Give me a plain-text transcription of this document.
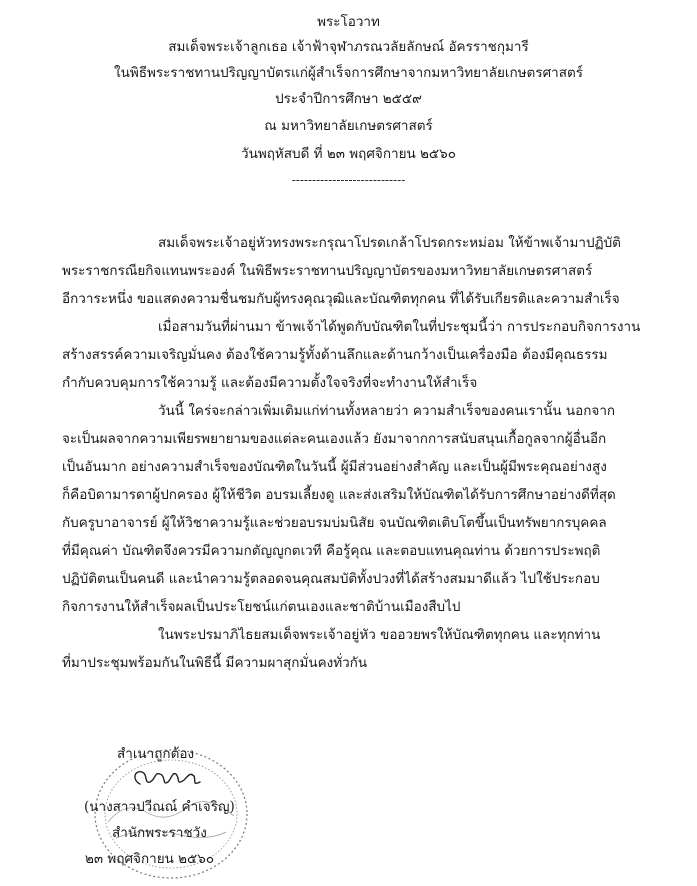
พระโอวาท
สมเด็จพระเจ้าลูกเธอ เจ้าฟ้าจุฬาภรณวลัยลักษณ์ อัครราชกุมารี
ในพิธีพระราชทานปริญญาบัตรแก่ผู้สำเร็จการศึกษาจากมหาวิทยาลัยเกษตรศาสตร์
ประจำปีการศึกษา ๒๕๕๙
ณ มหาวิทยาลัยเกษตรศาสตร์
วันพฤหัสบดี ที่ ๒๓ พฤศจิกายน ๒๕๖๐
----------------------------
สมเด็จพระเจ้าอยู่หัวทรงพระกรุณาโปรดเกล้าโปรดกระหม่อม ให้ข้าพเจ้ามาปฏิบัติ
พระราชกรณียกิจแทนพระองค์ ในพิธีพระราชทานปริญญาบัตรของมหาวิทยาลัยเกษตรศาสตร์
อีกวาระหนึ่ง ขอแสดงความชื่นชมกับผู้ทรงคุณวุฒิและบัณฑิตทุกคน ที่ได้รับเกียรติและความสำเร็จ
เมื่อสามวันที่ผ่านมา ข้าพเจ้าได้พูดกับบัณฑิตในที่ประชุมนี้ว่า การประกอบกิจการงาน
สร้างสรรค์ความเจริญมั่นคง ต้องใช้ความรู้ทั้งด้านลึกและด้านกว้างเป็นเครื่องมือ ต้องมีคุณธรรม
กำกับควบคุมการใช้ความรู้ และต้องมีความตั้งใจจริงที่จะทำงานให้สำเร็จ
วันนี้ ใคร่จะกล่าวเพิ่มเติมแก่ท่านทั้งหลายว่า ความสำเร็จของคนเรานั้น นอกจาก
จะเป็นผลจากความเพียรพยายามของแต่ละคนเองแล้ว ยังมาจากการสนับสนุนเกื้อกูลจากผู้อื่นอีก
เป็นอันมาก อย่างความสำเร็จของบัณฑิตในวันนี้ ผู้มีส่วนอย่างสำคัญ และเป็นผู้มีพระคุณอย่างสูง
ก็คือบิดามารดาผู้ปกครอง ผู้ให้ชีวิต อบรมเลี้ยงดู และส่งเสริมให้บัณฑิตได้รับการศึกษาอย่างดีที่สุด
กับครูบาอาจารย์ ผู้ให้วิชาความรู้และช่วยอบรมบ่มนิสัย จนบัณฑิตเติบโตขึ้นเป็นทรัพยากรบุคคล
ที่มีคุณค่า บัณฑิตจึงควรมีความกตัญญูกตเวที คือรู้คุณ และตอบแทนคุณท่าน ด้วยการประพฤติ
ปฏิบัติตนเป็นคนดี และนำความรู้ตลอดจนคุณสมบัติทั้งปวงที่ได้สร้างสมมาดีแล้ว ไปใช้ประกอบ
กิจการงานให้สำเร็จผลเป็นประโยชน์แก่ตนเองและชาติบ้านเมืองสืบไป
ในพระปรมาภิไธยสมเด็จพระเจ้าอยู่หัว ขออวยพรให้บัณฑิตทุกคน และทุกท่าน
ที่มาประชุมพร้อมกันในพิธีนี้ มีความผาสุกมั่นคงทั่วกัน
สำเนาถูกต้อง
(นางสาวปวีณณ์ คำเจริญ)
สำนักพระราชวัง
๒๓ พฤศจิกายน ๒๕๖๐
